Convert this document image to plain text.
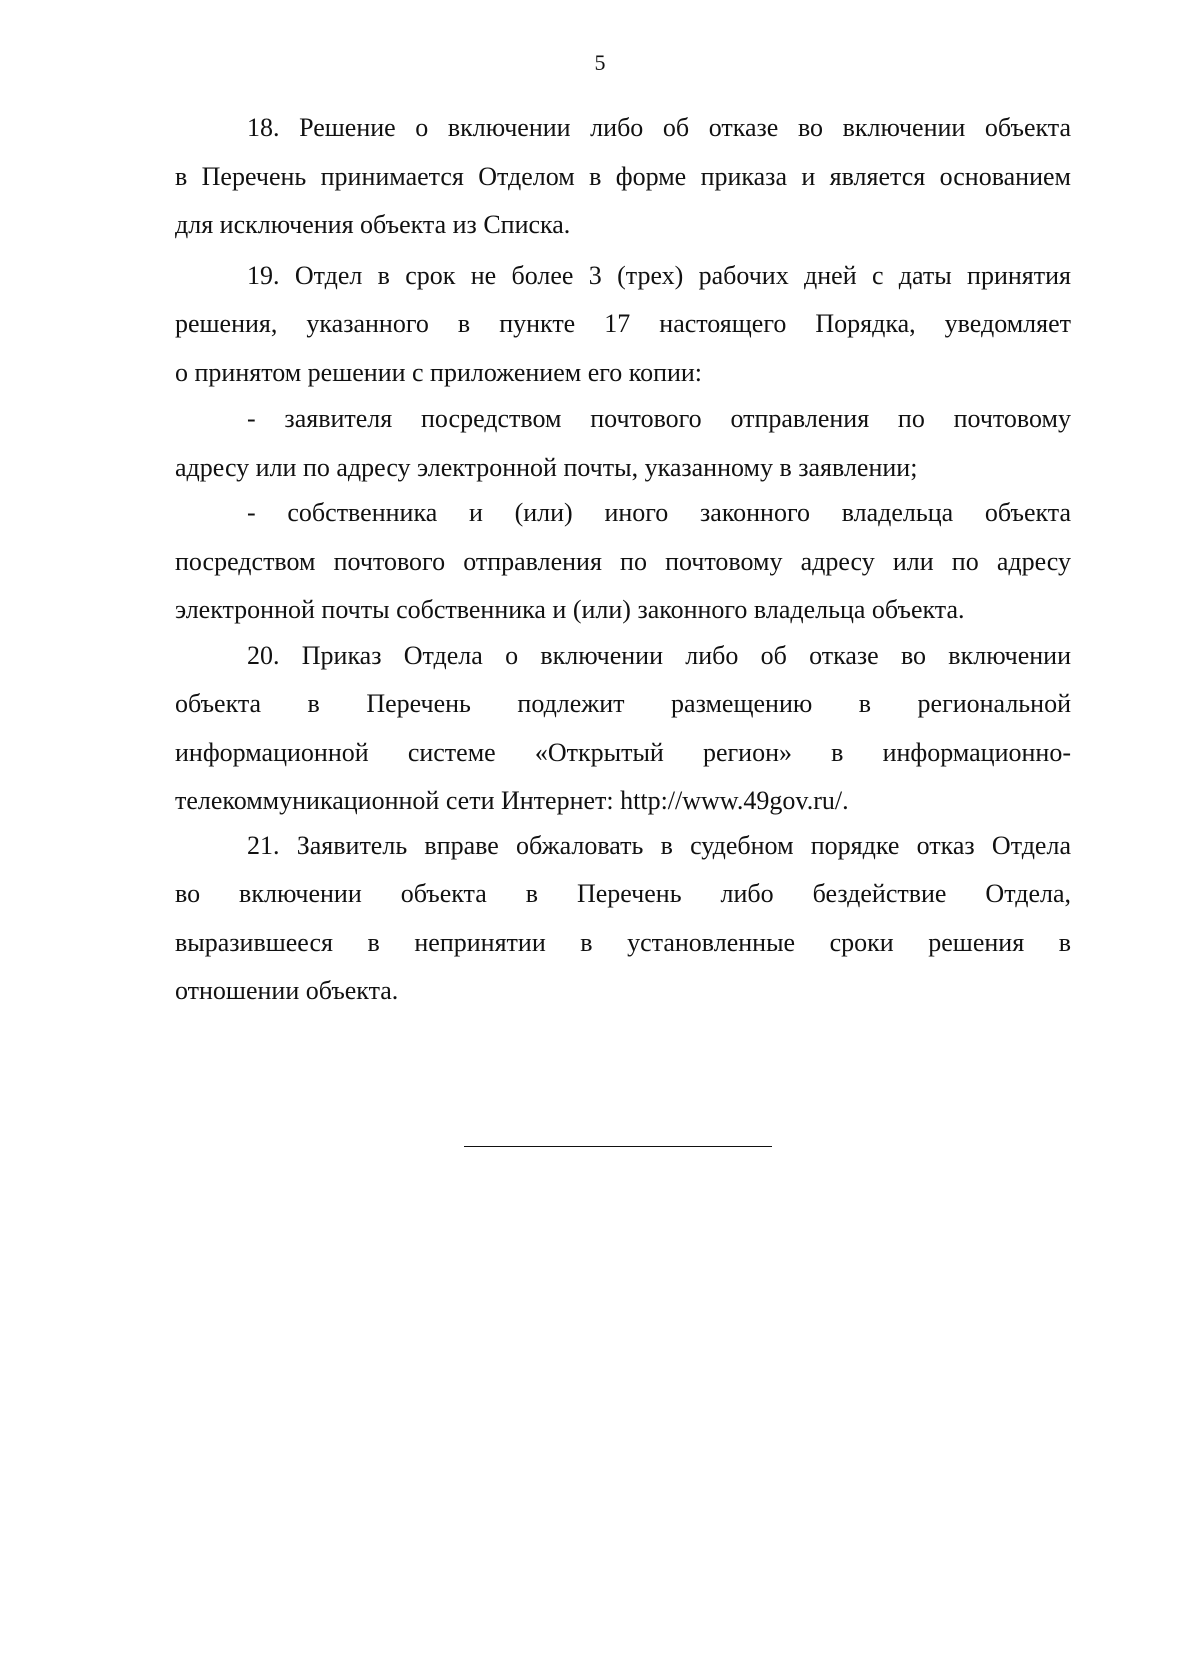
5

18. Решение о включении либо об отказе во включении объекта
в Перечень принимается Отделом в форме приказа и является основанием
для исключения объекта из Списка.

19. Отдел в срок не более 3 (трех) рабочих дней с даты принятия
решения, указанного в пункте 17 настоящего Порядка, уведомляет
о принятом решении с приложением его копии:

- заявителя посредством почтового отправления по почтовому
адресу или по адресу электронной почты, указанному в заявлении;

- собственника и (или) иного законного владельца объекта
посредством почтового отправления по почтовому адресу или по адресу
электронной почты собственника и (или) законного владельца объекта.

20. Приказ Отдела о включении либо об отказе во включении
объекта в Перечень подлежит размещению в региональной
информационной системе «Открытый регион» в информационно-
телекоммуникационной сети Интернет: http://www.49gov.ru/.

21. Заявитель вправе обжаловать в судебном порядке отказ Отдела
во включении объекта в Перечень либо бездействие Отдела,
выразившееся в непринятии в установленные сроки решения в
отношении объекта.
